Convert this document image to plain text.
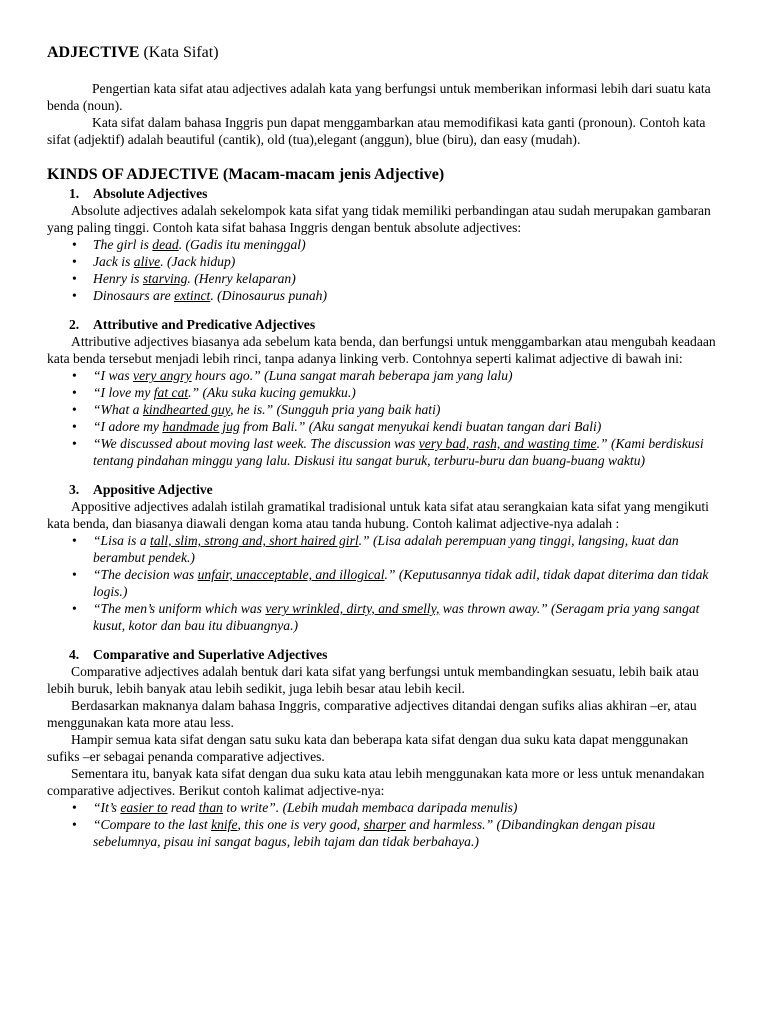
ADJECTIVE (Kata Sifat)

Pengertian kata sifat atau adjectives adalah kata yang berfungsi untuk memberikan informasi lebih dari suatu kata benda (noun).

Kata sifat dalam bahasa Inggris pun dapat menggambarkan atau memodifikasi kata ganti (pronoun). Contoh kata sifat (adjektif) adalah beautiful (cantik), old (tua),elegant (anggun), blue (biru), dan easy (mudah).

KINDS OF ADJECTIVE (Macam-macam jenis Adjective)

1. Absolute Adjectives

Absolute adjectives adalah sekelompok kata sifat yang tidak memiliki perbandingan atau sudah merupakan gambaran yang paling tinggi. Contoh kata sifat bahasa Inggris dengan bentuk absolute adjectives:

• The girl is dead. (Gadis itu meninggal)
• Jack is alive. (Jack hidup)
• Henry is starving. (Henry kelaparan)
• Dinosaurs are extinct. (Dinosaurus punah)

2. Attributive and Predicative Adjectives

Attributive adjectives biasanya ada sebelum kata benda, dan berfungsi untuk menggambarkan atau mengubah keadaan kata benda tersebut menjadi lebih rinci, tanpa adanya linking verb. Contohnya seperti kalimat adjective di bawah ini:

• “I was very angry hours ago.” (Luna sangat marah beberapa jam yang lalu)
• “I love my fat cat.” (Aku suka kucing gemukku.)
• “What a kindhearted guy, he is.” (Sungguh pria yang baik hati)
• “I adore my handmade jug from Bali.” (Aku sangat menyukai kendi buatan tangan dari Bali)
• “We discussed about moving last week. The discussion was very bad, rash, and wasting time.” (Kami berdiskusi tentang pindahan minggu yang lalu. Diskusi itu sangat buruk, terburu-buru dan buang-buang waktu)

3. Appositive Adjective

Appositive adjectives adalah istilah gramatikal tradisional untuk kata sifat atau serangkaian kata sifat yang mengikuti kata benda, dan biasanya diawali dengan koma atau tanda hubung. Contoh kalimat adjective-nya adalah :

• “Lisa is a tall, slim, strong and, short haired girl.” (Lisa adalah perempuan yang tinggi, langsing, kuat dan berambut pendek.)
• “The decision was unfair, unacceptable, and illogical.” (Keputusannya tidak adil, tidak dapat diterima dan tidak logis.)
• “The men’s uniform which was very wrinkled, dirty, and smelly, was thrown away.” (Seragam pria yang sangat kusut, kotor dan bau itu dibuangnya.)

4. Comparative and Superlative Adjectives

Comparative adjectives adalah bentuk dari kata sifat yang berfungsi untuk membandingkan sesuatu, lebih baik atau lebih buruk, lebih banyak atau lebih sedikit, juga lebih besar atau lebih kecil.

Berdasarkan maknanya dalam bahasa Inggris, comparative adjectives ditandai dengan sufiks alias akhiran –er, atau menggunakan kata more atau less.

Hampir semua kata sifat dengan satu suku kata dan beberapa kata sifat dengan dua suku kata dapat menggunakan sufiks –er sebagai penanda comparative adjectives.

Sementara itu, banyak kata sifat dengan dua suku kata atau lebih menggunakan kata more or less untuk menandakan comparative adjectives. Berikut contoh kalimat adjective-nya:

• “It’s easier to read than to write”. (Lebih mudah membaca daripada menulis)
• “Compare to the last knife, this one is very good, sharper and harmless.” (Dibandingkan dengan pisau sebelumnya, pisau ini sangat bagus, lebih tajam dan tidak berbahaya.)
